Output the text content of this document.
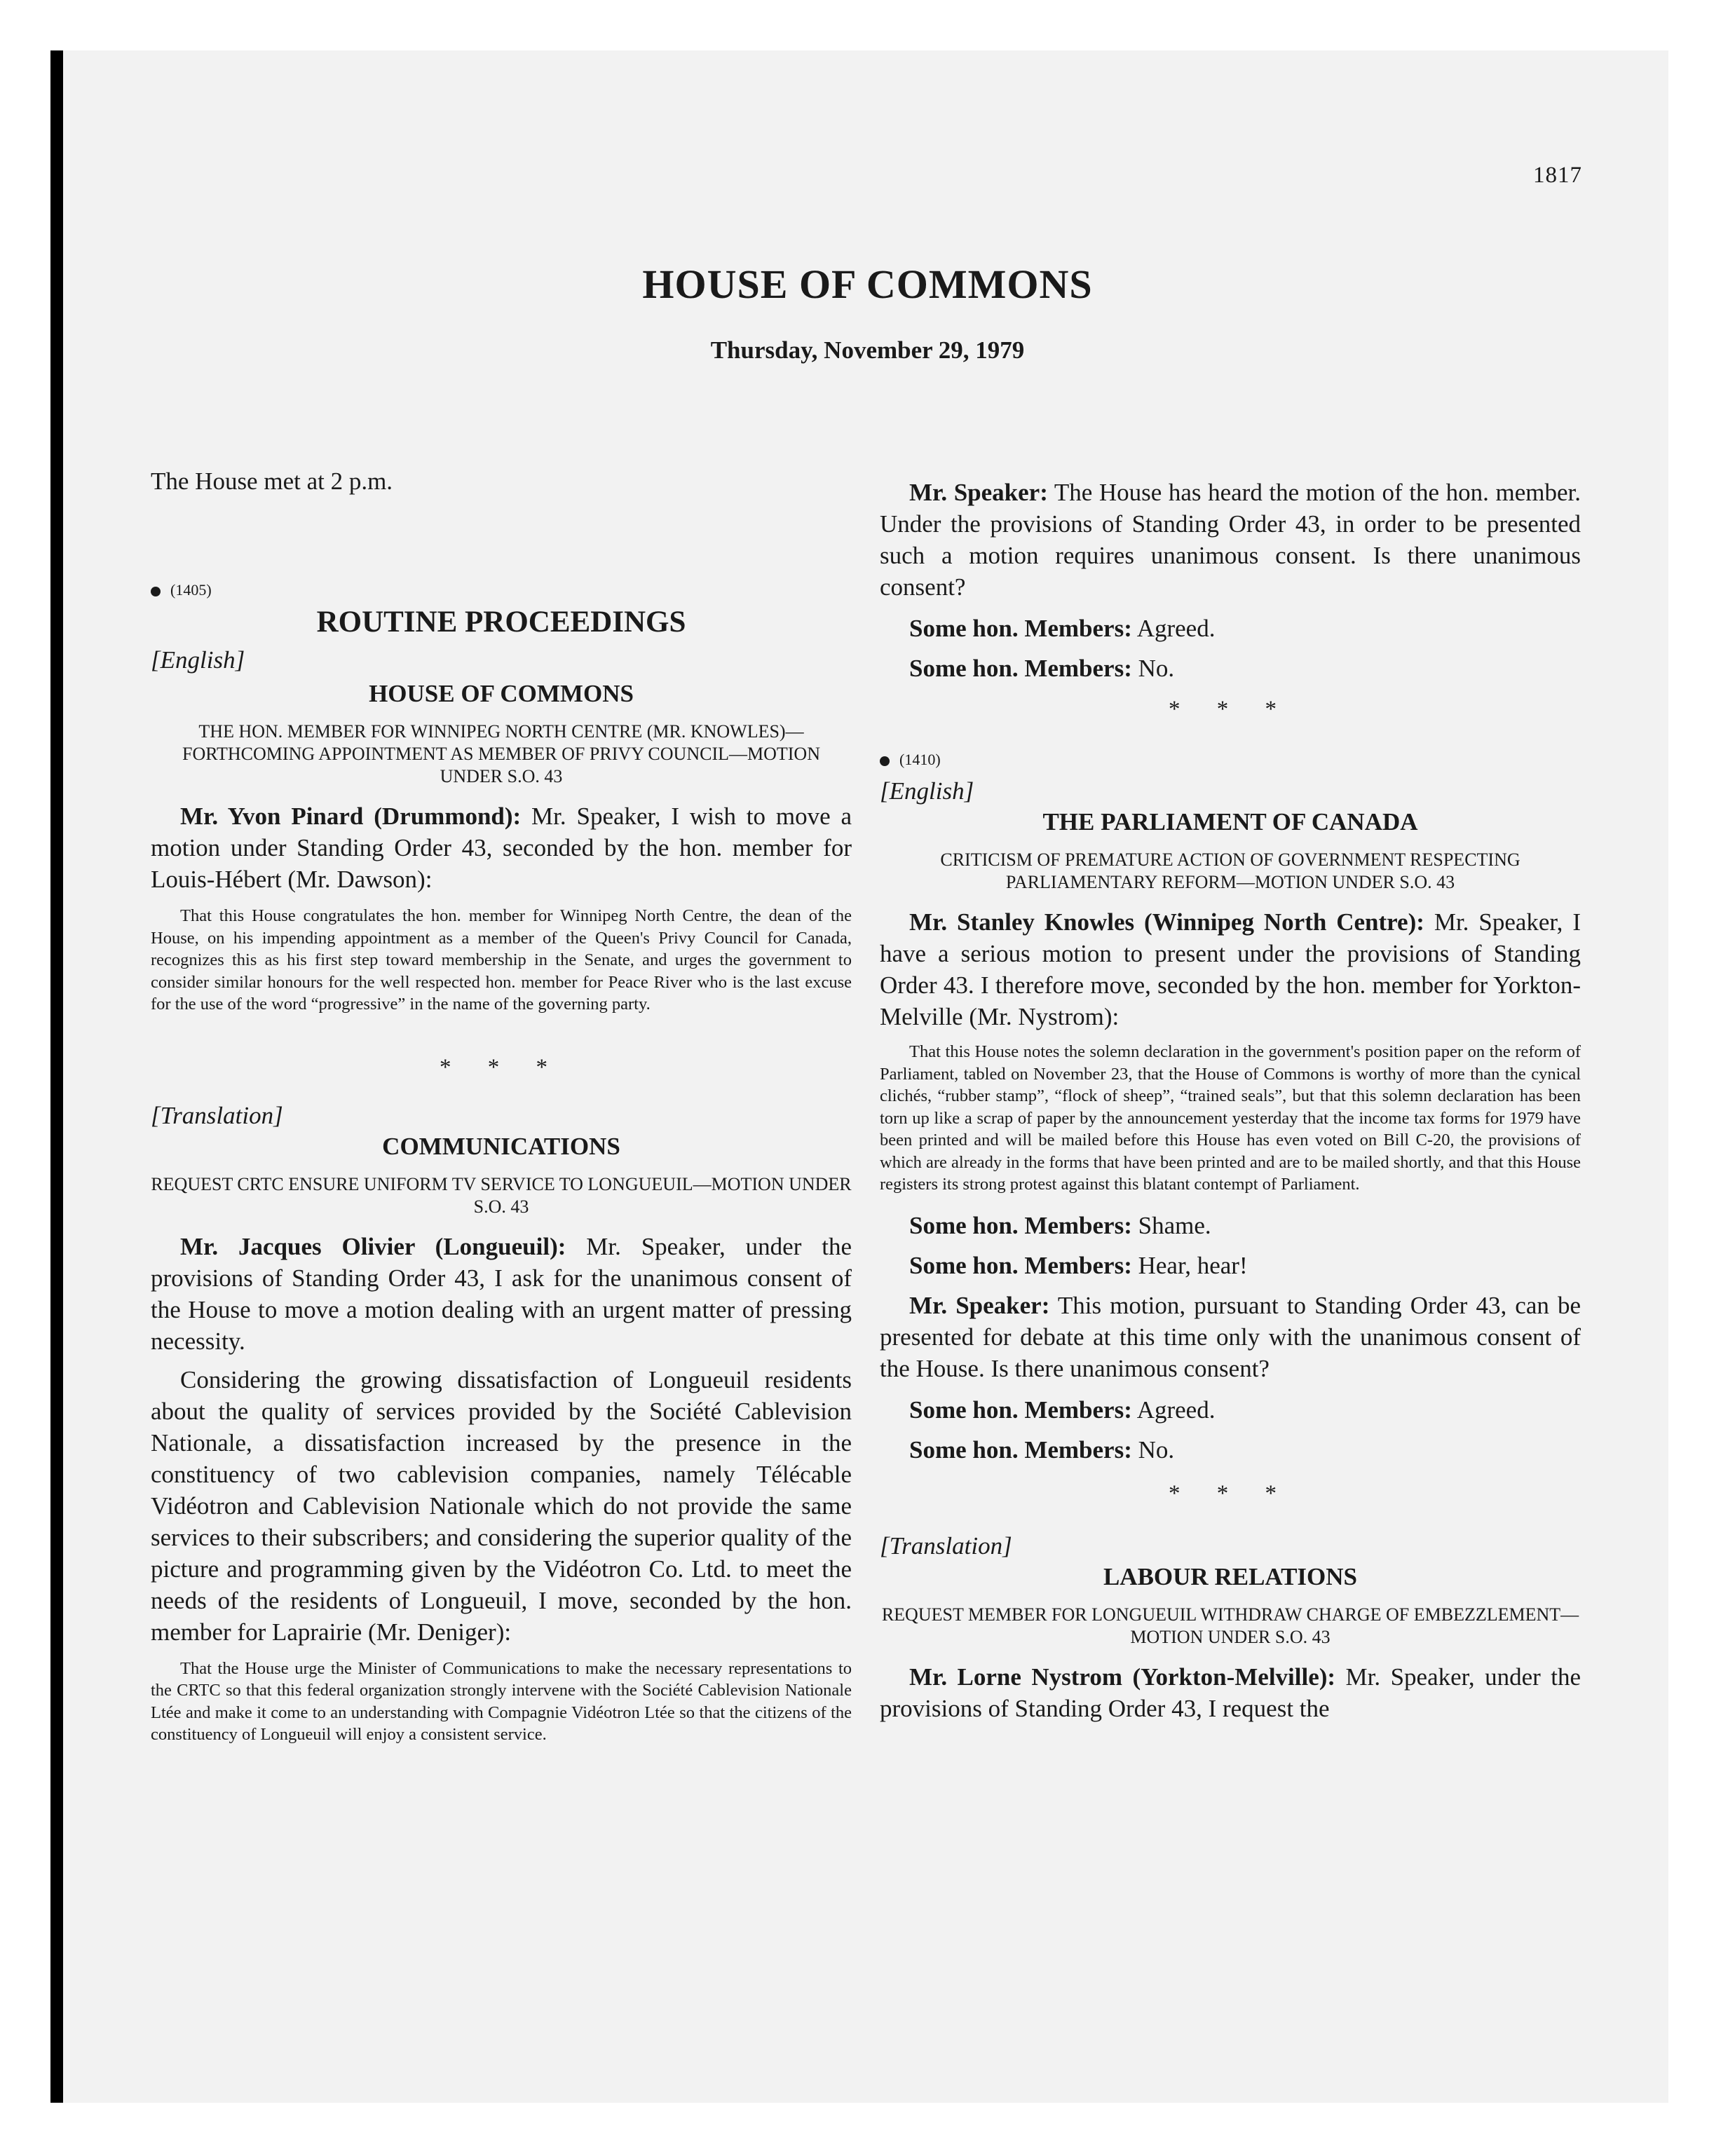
1817
HOUSE OF COMMONS
Thursday, November 29, 1979

The House met at 2 p.m.

(1405)

ROUTINE PROCEEDINGS

[English]

HOUSE OF COMMONS

THE HON. MEMBER FOR WINNIPEG NORTH CENTRE (MR. KNOWLES)—FORTHCOMING APPOINTMENT AS MEMBER OF PRIVY COUNCIL—MOTION UNDER S.O. 43

Mr. Yvon Pinard (Drummond): Mr. Speaker, I wish to move a motion under Standing Order 43, seconded by the hon. member for Louis-Hébert (Mr. Dawson):

That this House congratulates the hon. member for Winnipeg North Centre, the dean of the House, on his impending appointment as a member of the Queen's Privy Council for Canada, recognizes this as his first step toward membership in the Senate, and urges the government to consider similar honours for the well respected hon. member for Peace River who is the last excuse for the use of the word “progressive” in the name of the governing party.

* * *

[Translation]

COMMUNICATIONS

REQUEST CRTC ENSURE UNIFORM TV SERVICE TO LONGUEUIL—MOTION UNDER S.O. 43

Mr. Jacques Olivier (Longueuil): Mr. Speaker, under the provisions of Standing Order 43, I ask for the unanimous consent of the House to move a motion dealing with an urgent matter of pressing necessity.

Considering the growing dissatisfaction of Longueuil residents about the quality of services provided by the Société Cablevision Nationale, a dissatisfaction increased by the presence in the constituency of two cablevision companies, namely Télécable Vidéotron and Cablevision Nationale which do not provide the same services to their subscribers; and considering the superior quality of the picture and programming given by the Vidéotron Co. Ltd. to meet the needs of the residents of Longueuil, I move, seconded by the hon. member for Laprairie (Mr. Deniger):

That the House urge the Minister of Communications to make the necessary representations to the CRTC so that this federal organization strongly intervene with the Société Cablevision Nationale Ltée and make it come to an understanding with Compagnie Vidéotron Ltée so that the citizens of the constituency of Longueuil will enjoy a consistent service.

Mr. Speaker: The House has heard the motion of the hon. member. Under the provisions of Standing Order 43, in order to be presented such a motion requires unanimous consent. Is there unanimous consent?

Some hon. Members: Agreed.

Some hon. Members: No.

* * *

(1410)

[English]

THE PARLIAMENT OF CANADA

CRITICISM OF PREMATURE ACTION OF GOVERNMENT RESPECTING PARLIAMENTARY REFORM—MOTION UNDER S.O. 43

Mr. Stanley Knowles (Winnipeg North Centre): Mr. Speaker, I have a serious motion to present under the provisions of Standing Order 43. I therefore move, seconded by the hon. member for Yorkton-Melville (Mr. Nystrom):

That this House notes the solemn declaration in the government's position paper on the reform of Parliament, tabled on November 23, that the House of Commons is worthy of more than the cynical clichés, “rubber stamp”, “flock of sheep”, “trained seals”, but that this solemn declaration has been torn up like a scrap of paper by the announcement yesterday that the income tax forms for 1979 have been printed and will be mailed before this House has even voted on Bill C-20, the provisions of which are already in the forms that have been printed and are to be mailed shortly, and that this House registers its strong protest against this blatant contempt of Parliament.

Some hon. Members: Shame.

Some hon. Members: Hear, hear!

Mr. Speaker: This motion, pursuant to Standing Order 43, can be presented for debate at this time only with the unanimous consent of the House. Is there unanimous consent?

Some hon. Members: Agreed.

Some hon. Members: No.

* * *

[Translation]

LABOUR RELATIONS

REQUEST MEMBER FOR LONGUEUIL WITHDRAW CHARGE OF EMBEZZLEMENT—MOTION UNDER S.O. 43

Mr. Lorne Nystrom (Yorkton-Melville): Mr. Speaker, under the provisions of Standing Order 43, I request the
